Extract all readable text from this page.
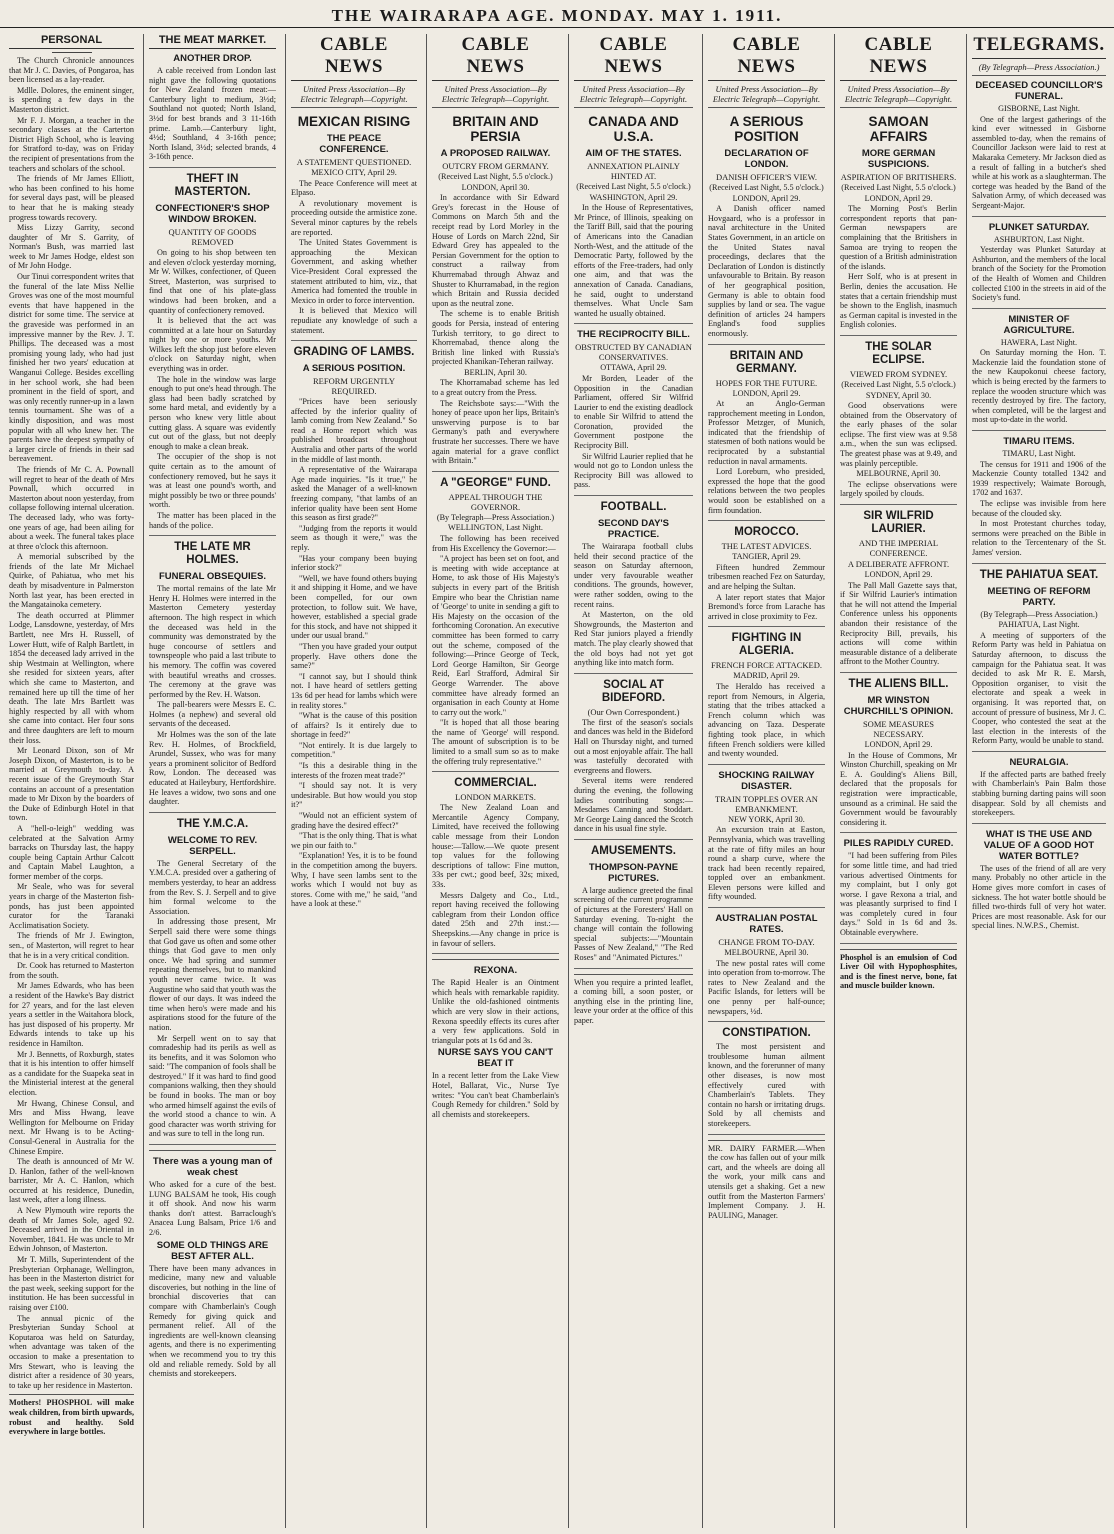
THE WAIRARAPA AGE. MONDAY. MAY 1. 1911.
PERSONAL

The Church Chronicle announces that Mr J. C. Davies, of Pongaroa, has been licensed as a lay-reader.

Mdlle. Dolores, the eminent singer, is spending a few days in the Masterton district.

Mr F. J. Morgan, a teacher in the secondary classes at the Carterton District High School, who is leaving for Stratford to-day, was on Friday the recipient of presentations from the teachers and scholars of the school.

The friends of Mr James Elliott, who has been confined to his home for several days past, will be pleased to hear that he is making steady progress towards recovery.

Miss Lizzy Garrity, second daughter of Mr S. Garrity, of Norman's Bush, was married last week to Mr James Hodge, eldest son of Mr John Hodge.

Our Tinui correspondent writes that the funeral of the late Miss Nellie Groves was one of the most mournful events that have happened in the district for some time. The service at the graveside was performed in an impressive manner by the Rev. J. T. Phillips. The deceased was a most promising young lady, who had just finished her two years' education at Wanganui College. Besides excelling in her school work, she had been prominent in the field of sport, and was only recently runner-up in a lawn tennis tournament. She was of a kindly disposition, and was most popular with all who knew her. The parents have the deepest sympathy of a larger circle of friends in their sad bereavement.

The friends of Mr C. A. Pownall will regret to hear of the death of Mrs Pownall, which occurred in Masterton about noon yesterday, from collapse following internal ulceration. The deceased lady, who was forty-one years of age, had been ailing for about a week. The funeral takes place at three o'clock this afternoon.

A memorial subscribed by the friends of the late Mr Michael Quirke, of Pahiatua, who met his death by misadventure in Palmerston North last year, has been erected in the Mangatainoka cemetery.

The death occurred at Plimmer Lodge, Lansdowne, yesterday, of Mrs Bartlett, nee Mrs H. Russell, of Lower Hutt, wife of Ralph Bartlett, in 1854 the deceased lady arrived in the ship Westmain at Wellington, where she resided for sixteen years, after which she came to Masterton, and remained here up till the time of her death. The late Mrs Bartlett was highly respected by all with whom she came into contact. Her four sons and three daughters are left to mourn their loss.

Mr Leonard Dixon, son of Mr Joseph Dixon, of Masterton, is to be married at Greymouth to-day. A recent issue of the Greymouth Star contains an account of a presentation made to Mr Dixon by the boarders of the Duke of Edinburgh Hotel in that town.

A "hell-o-leigh" wedding was celebrated at the Salvation Army barracks on Thursday last, the happy couple being Captain Arthur Calcott and Captain Mabel Laughton, a former member of the corps.

Mr Seale, who was for several years in charge of the Masterton fish-ponds, has just been appointed curator for the Taranaki Acclimatisation Society.

The friends of Mr J. Ewington, sen., of Masterton, will regret to hear that he is in a very critical condition.

Dr. Cook has returned to Masterton from the south.

Mr James Edwards, who has been a resident of the Hawke's Bay district for 27 years, and for the last eleven years a settler in the Waitahora block, has just disposed of his property. Mr Edwards intends to take up his residence in Hamilton.

Mr J. Bennetts, of Roxburgh, states that it is his intention to offer himself as a candidate for the Suapeka seat in the Ministerial interest at the general election.

Mr Hwang, Chinese Consul, and Mrs and Miss Hwang, leave Wellington for Melbourne on Friday next. Mr Hwang is to be Acting-Consul-General in Australia for the Chinese Empire.

The death is announced of Mr W. D. Hanlon, father of the well-known barrister, Mr A. C. Hanlon, which occurred at his residence, Dunedin, last week, after a long illness.

A New Plymouth wire reports the death of Mr James Sole, aged 92. Deceased arrived in the Oriental in November, 1841. He was uncle to Mr Edwin Johnson, of Masterton.

Mr T. Mills, Superintendent of the Presbyterian Orphanage, Wellington, has been in the Masterton district for the past week, seeking support for the institution. He has been successful in raising over £100.

The annual picnic of the Presbyterian Sunday School at Koputaroa was held on Saturday, when advantage was taken of the occasion to make a presentation to Mrs Stewart, who is leaving the district after a residence of 30 years, to take up her residence in Masterton.

Mothers! PHOSPHOL will make weak children, from birth upwards, robust and healthy. Sold everywhere in large bottles.

THE MEAT MARKET.
ANOTHER DROP.

A cable received from London last night gave the following quotations for New Zealand frozen meat:—Canterbury light to medium, 3½d; Southland not quoted; North Island, 3½d for best brands and 3 11-16th prime. Lamb.—Canterbury light, 4½d; Southland, 4 3-16th pence; North Island, 3½d; selected brands, 4 3-16th pence.

THEFT IN MASTERTON.
CONFECTIONER'S SHOP WINDOW BROKEN.
QUANTITY OF GOODS REMOVED

On going to his shop between ten and eleven o'clock yesterday morning, Mr W. Wilkes, confectioner, of Queen Street, Masterton, was surprised to find that one of his plate-glass windows had been broken, and a quantity of confectionery removed.

It is believed that the act was committed at a late hour on Saturday night by one or more youths. Mr Wilkes left the shop just before eleven o'clock on Saturday night, when everything was in order.

The hole in the window was large enough to put one's head through. The glass had been badly scratched by some hard metal, and evidently by a person who knew very little about cutting glass. A square was evidently cut out of the glass, but not deeply enough to make a clean break.

The occupier of the shop is not quite certain as to the amount of confectionery removed, but he says it was at least one pound's worth, and might possibly be two or three pounds' worth.

The matter has been placed in the hands of the police.

THE LATE MR HOLMES.
FUNERAL OBSEQUIES.

The mortal remains of the late Mr Henry H. Holmes were interred in the Masterton Cemetery yesterday afternoon. The high respect in which the deceased was held in the community was demonstrated by the huge concourse of settlers and townspeople who paid a last tribute to his memory. The coffin was covered with beautiful wreaths and crosses. The ceremony at the grave was performed by the Rev. H. Watson.

The pall-bearers were Messrs E. C. Holmes (a nephew) and several old servants of the deceased.

Mr Holmes was the son of the late Rev. H. Holmes, of Brockfield, Arundel, Sussex, who was for many years a prominent solicitor of Bedford Row, London. The deceased was educated at Haileybury, Hertfordshire. He leaves a widow, two sons and one daughter.

THE Y.M.C.A.
WELCOME TO REV. SERPELL.

The General Secretary of the Y.M.C.A. presided over a gathering of members yesterday, to hear an address from the Rev. S. J. Serpell and to give him formal welcome to the Association.

In addressing those present, Mr Serpell said there were some things that God gave us often and some other things that God gave to men only once. We had spring and summer repeating themselves, but to mankind youth never came twice. It was Augustine who said that youth was the flower of our days. It was indeed the time when hero's were made and his aspirations stood for the future of the nation.

Mr Serpell went on to say that comradeship had its perils as well as its benefits, and it was Solomon who said: "The companion of fools shall be destroyed." If it was hard to find good companions walking, then they should be found in books. The man or boy who armed himself against the evils of the world stood a chance to win. A good character was worth striving for and was sure to tell in the long run.

There was a young man of weak chest

Who asked for a cure of the best. LUNG BALSAM he took, His cough it off shook. And now his warm thanks don't attest. Barraclough's Anacea Lung Balsam, Price 1/6 and 2/6.

SOME OLD THINGS ARE BEST AFTER ALL.

There have been many advances in medicine, many new and valuable discoveries, but nothing in the line of bronchial discoveries that can compare with Chamberlain's Cough Remedy for giving quick and permanent relief. All of the ingredients are well-known cleansing agents, and there is no experimenting when we recommend you to try this old and reliable remedy. Sold by all chemists and storekeepers.

CABLE NEWS
United Press Association—By Electric Telegraph—Copyright.
MEXICAN RISING
THE PEACE CONFERENCE.
A STATEMENT QUESTIONED.

MEXICO CITY, April 29.

The Peace Conference will meet at Elpaso.

A revolutionary movement is proceeding outside the armistice zone. Several minor captures by the rebels are reported.

The United States Government is approaching the Mexican Government, and asking whether Vice-President Coral expressed the statement attributed to him, viz., that America had fomented the trouble in Mexico in order to force intervention.

It is believed that Mexico will repudiate any knowledge of such a statement.

GRADING OF LAMBS.
A SERIOUS POSITION.
REFORM URGENTLY REQUIRED.

"Prices have been seriously affected by the inferior quality of lamb coming from New Zealand." So read a Home report which was published broadcast throughout Australia and other parts of the world in the middle of last month.

A representative of the Wairarapa Age made inquiries. "Is it true," he asked the Manager of a well-known freezing company, "that lambs of an inferior quality have been sent Home this season as first grade?"

"Judging from the reports it would seem as though it were," was the reply.

"Has your company been buying inferior stock?"

"Well, we have found others buying it and shipping it Home, and we have been compelled, for our own protection, to follow suit. We have, however, established a special grade for this stock, and have not shipped it under our usual brand."

"Then you have graded your output properly. Have others done the same?"

"I cannot say, but I should think not. I have heard of settlers getting 13s 6d per head for lambs which were in reality stores."

"What is the cause of this position of affairs? Is it entirely due to shortage in feed?"

"Not entirely. It is due largely to competition."

"Is this a desirable thing in the interests of the frozen meat trade?"

"I should say not. It is very undesirable. But how would you stop it?"

"Would not an efficient system of grading have the desired effect?"

"That is the only thing. That is what we pin our faith to."

"Explanation! Yes, it is to be found in the competition among the buyers. Why, I have seen lambs sent to the works which I would not buy as stores. Come with me," he said, "and have a look at these."

CABLE NEWS
United Press Association—By Electric Telegraph—Copyright.
BRITAIN AND PERSIA
A PROPOSED RAILWAY.
OUTCRY FROM GERMANY.

(Received Last Night, 5.5 o'clock.)

LONDON, April 30.

In accordance with Sir Edward Grey's forecast in the House of Commons on March 5th and the receipt read by Lord Morley in the House of Lords on March 22nd, Sir Edward Grey has appealed to the Persian Government for the option to construct a railway from Khurremabad through Ahwaz and Shuster to Khurramabad, in the region which Britain and Russia decided upon as the neutral zone.

The scheme is to enable British goods for Persia, instead of entering Turkish territory, to go direct to Khorremabad, thence along the British line linked with Russia's projected Khanikan-Teheran railway.

BERLIN, April 30.

The Khorramabad scheme has led to a great outcry from the Press.

The Reichsbote says:—"With the honey of peace upon her lips, Britain's unswerving purpose is to bar Germany's path and everywhere frustrate her successes. There we have again material for a grave conflict with Britain."

A "GEORGE" FUND.
APPEAL THROUGH THE GOVERNOR.

(By Telegraph—Press Association.)

WELLINGTON, Last Night.

The following has been received from His Excellency the Governor:—

"A project has been set on foot, and is meeting with wide acceptance at Home, to ask those of His Majesty's subjects in every part of the British Empire who bear the Christian name of 'George' to unite in sending a gift to His Majesty on the occasion of the forthcoming Coronation. An executive committee has been formed to carry out the scheme, composed of the following:—Prince George of Teck, Lord George Hamilton, Sir George Reid, Earl Strafford, Admiral Sir George Warrender. The above committee have already formed an organisation in each County at Home to carry out the work."

"It is hoped that all those bearing the name of 'George' will respond. The amount of subscription is to be limited to a small sum so as to make the offering truly representative."

COMMERCIAL.
LONDON MARKETS.

The New Zealand Loan and Mercantile Agency Company, Limited, have received the following cable message from their London house:—Tallow.—We quote present top values for the following descriptions of tallow: Fine mutton, 33s per cwt.; good beef, 32s; mixed, 33s.

Messrs Dalgety and Co., Ltd., report having received the following cablegram from their London office dated 25th and 27th inst.:—Sheepskins.—Any change in price is in favour of sellers.

REXONA.

The Rapid Healer is an Ointment which heals with remarkable rapidity. Unlike the old-fashioned ointments which are very slow in their actions, Rexona speedily effects its cures after a very few applications. Sold in triangular pots at 1s 6d and 3s.

NURSE SAYS YOU CAN'T BEAT IT

In a recent letter from the Lake View Hotel, Ballarat, Vic., Nurse Tye writes: "You can't beat Chamberlain's Cough Remedy for children." Sold by all chemists and storekeepers.

CABLE NEWS
United Press Association—By Electric Telegraph—Copyright.
CANADA AND U.S.A.
AIM OF THE STATES.
ANNEXATION PLAINLY HINTED AT.

(Received Last Night, 5.5 o'clock.)

WASHINGTON, April 29.

In the House of Representatives, Mr Prince, of Illinois, speaking on the Tariff Bill, said that the pouring of Americans into the Canadian North-West, and the attitude of the Democratic Party, followed by the efforts of the Free-traders, had only one aim, and that was the annexation of Canada. Canadians, he said, ought to understand themselves. What Uncle Sam wanted he usually obtained.

THE RECIPROCITY BILL.
OBSTRUCTED BY CANADIAN CONSERVATIVES.

OTTAWA, April 29.

Mr Borden, Leader of the Opposition in the Canadian Parliament, offered Sir Wilfrid Laurier to end the existing deadlock to enable Sir Wilfrid to attend the Coronation, provided the Government postpone the Reciprocity Bill.

Sir Wilfrid Laurier replied that he would not go to London unless the Reciprocity Bill was allowed to pass.

FOOTBALL.
SECOND DAY'S PRACTICE.

The Wairarapa football clubs held their second practice of the season on Saturday afternoon, under very favourable weather conditions. The grounds, however, were rather sodden, owing to the recent rains.

At Masterton, on the old Showgrounds, the Masterton and Red Star juniors played a friendly match. The play clearly showed that the old boys had not yet got anything like into match form.

SOCIAL AT BIDEFORD.
(Our Own Correspondent.)

The first of the season's socials and dances was held in the Bideford Hall on Thursday night, and turned out a most enjoyable affair. The hall was tastefully decorated with evergreens and flowers.

Several items were rendered during the evening, the following ladies contributing songs:—Mesdames Canning and Stoddart. Mr George Laing danced the Scotch dance in his usual fine style.

AMUSEMENTS.
THOMPSON-PAYNE PICTURES.

A large audience greeted the final screening of the current programme of pictures at the Foresters' Hall on Saturday evening. To-night the change will contain the following special subjects:—"Mountain Passes of New Zealand," "The Red Roses" and "Animated Pictures."

When you require a printed leaflet, a coming bill, a soon poster, or anything else in the printing line, leave your order at the office of this paper.

CABLE NEWS
United Press Association—By Electric Telegraph—Copyright.
A SERIOUS POSITION
DECLARATION OF LONDON.
DANISH OFFICER'S VIEW.

(Received Last Night, 5.5 o'clock.)

LONDON, April 29.

A Danish officer named Hovgaard, who is a professor in naval architecture in the United States Government, in an article on the United States naval proceedings, declares that the Declaration of London is distinctly unfavourable to Britain. By reason of her geographical position, Germany is able to obtain food supplies by land or sea. The vague definition of articles 24 hampers England's food supplies enormously.

BRITAIN AND GERMANY.
HOPES FOR THE FUTURE.

LONDON, April 29.

At an Anglo-German rapprochement meeting in London, Professor Metzger, of Munich, indicated that the friendship of statesmen of both nations would be reciprocated by a substantial reduction in naval armaments.

Lord Loreburn, who presided, expressed the hope that the good relations between the two peoples would soon be established on a firm foundation.

MOROCCO.
THE LATEST ADVICES.

TANGIER, April 29.

Fifteen hundred Zemmour tribesmen reached Fez on Saturday, and are helping the Sultan.

A later report states that Major Bremond's force from Larache has arrived in close proximity to Fez.

FIGHTING IN ALGERIA.
FRENCH FORCE ATTACKED.

MADRID, April 29.

The Heraldo has received a report from Nemours, in Algeria, stating that the tribes attacked a French column which was advancing on Taza. Desperate fighting took place, in which fifteen French soldiers were killed and twenty wounded.

SHOCKING RAILWAY DISASTER.
TRAIN TOPPLES OVER AN EMBANKMENT.

NEW YORK, April 30.

An excursion train at Easton, Pennsylvania, which was travelling at the rate of fifty miles an hour round a sharp curve, where the track had been recently repaired, toppled over an embankment. Eleven persons were killed and fifty wounded.

AUSTRALIAN POSTAL RATES.
CHANGE FROM TO-DAY.

MELBOURNE, April 30.

The new postal rates will come into operation from to-morrow. The rates to New Zealand and the Pacific Islands, for letters will be one penny per half-ounce; newspapers, ½d.

CONSTIPATION.

The most persistent and troublesome human ailment known, and the forerunner of many other diseases, is now most effectively cured with Chamberlain's Tablets. They contain no harsh or irritating drugs. Sold by all chemists and storekeepers.

MR. DAIRY FARMER.—When the cow has fallen out of your milk cart, and the wheels are doing all the work, your milk cans and utensils get a shaking. Get a new outfit from the Masterton Farmers' Implement Company. J. H. PAULING, Manager.

CABLE NEWS
United Press Association—By Electric Telegraph—Copyright.
SAMOAN AFFAIRS
MORE GERMAN SUSPICIONS.
ASPIRATION OF BRITISHERS.

(Received Last Night, 5.5 o'clock.)

LONDON, April 29.

The Morning Post's Berlin correspondent reports that pan-German newspapers are complaining that the Britishers in Samoa are trying to reopen the question of a British administration of the islands.

Herr Solf, who is at present in Berlin, denies the accusation. He states that a certain friendship must be shown to the English, inasmuch as German capital is invested in the English colonies.

THE SOLAR ECLIPSE.
VIEWED FROM SYDNEY.

(Received Last Night, 5.5 o'clock.)

SYDNEY, April 30.

Good observations were obtained from the Observatory of the early phases of the solar eclipse. The first view was at 9.58 a.m., when the sun was eclipsed. The greatest phase was at 9.49, and was plainly perceptible.

MELBOURNE, April 30.

The eclipse observations were largely spoiled by clouds.

SIR WILFRID LAURIER.
AND THE IMPERIAL CONFERENCE.
A DELIBERATE AFFRONT.

LONDON, April 29.

The Pall Mall Gazette says that, if Sir Wilfrid Laurier's intimation that he will not attend the Imperial Conference unless his opponents abandon their resistance of the Reciprocity Bill, prevails, his actions will come within measurable distance of a deliberate affront to the Mother Country.

THE ALIENS BILL.
MR WINSTON CHURCHILL'S OPINION.
SOME MEASURES NECESSARY.

LONDON, April 29.

In the House of Commons, Mr Winston Churchill, speaking on Mr E. A. Goulding's Aliens Bill, declared that the proposals for registration were impracticable, unsound as a criminal. He said the Government would be favourably considering it.

PILES RAPIDLY CURED.

"I had been suffering from Piles for some little time, and had tried various advertised Ointments for my complaint, but I only got worse. I gave Rexona a trial, and was pleasantly surprised to find I was completely cured in four days." Sold in 1s 6d and 3s. Obtainable everywhere.

Phosphol is an emulsion of Cod Liver Oil with Hypophosphites, and is the finest nerve, bone, fat and muscle builder known.

TELEGRAMS.
(By Telegraph—Press Association.)
DECEASED COUNCILLOR'S FUNERAL.

GISBORNE, Last Night.

One of the largest gatherings of the kind ever witnessed in Gisborne assembled to-day, when the remains of Councillor Jackson were laid to rest at Makaraka Cemetery. Mr Jackson died as a result of falling in a butcher's shed while at his work as a slaughterman. The cortege was headed by the Band of the Salvation Army, of which deceased was Sergeant-Major.

PLUNKET SATURDAY.

ASHBURTON, Last Night.

Yesterday was Plunket Saturday at Ashburton, and the members of the local branch of the Society for the Promotion of the Health of Women and Children collected £100 in the streets in aid of the Society's fund.

MINISTER OF AGRICULTURE.

HAWERA, Last Night.

On Saturday morning the Hon. T. Mackenzie laid the foundation stone of the new Kaupokonui cheese factory, which is being erected by the farmers to replace the wooden structure which was recently destroyed by fire. The factory, when completed, will be the largest and most up-to-date in the world.

TIMARU ITEMS.

TIMARU, Last Night.

The census for 1911 and 1906 of the Mackenzie County totalled 1342 and 1939 respectively; Waimate Borough, 1702 and 1637.

The eclipse was invisible from here because of the clouded sky.

In most Protestant churches today, sermons were preached on the Bible in relation to the Tercentenary of the St. James' version.

THE PAHIATUA SEAT.
MEETING OF REFORM PARTY.

(By Telegraph—Press Association.)

PAHIATUA, Last Night.

A meeting of supporters of the Reform Party was held in Pahiatua on Saturday afternoon, to discuss the campaign for the Pahiatua seat. It was decided to ask Mr R. E. Marsh, Opposition organiser, to visit the electorate and speak a week in organising. It was reported that, on account of pressure of business, Mr J. C. Cooper, who contested the seat at the last election in the interests of the Reform Party, would be unable to stand.

NEURALGIA.

If the affected parts are bathed freely with Chamberlain's Pain Balm those stabbing burning darting pains will soon disappear. Sold by all chemists and storekeepers.

WHAT IS THE USE AND VALUE OF A GOOD HOT WATER BOTTLE?

The uses of the friend of all are very many. Probably no other article in the Home gives more comfort in cases of sickness. The hot water bottle should be filled two-thirds full of very hot water. Prices are most reasonable. Ask for our special lines. N.W.P.S., Chemist.
